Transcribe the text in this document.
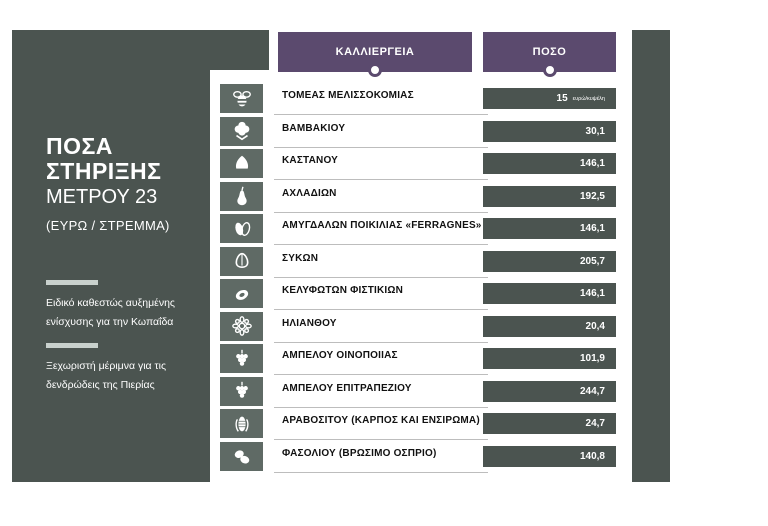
ΠΟΣΑ
ΣΤΗΡΙΞΗΣ
ΜΕΤΡΟΥ 23
(ΕΥΡΩ / ΣΤΡΕΜΜΑ)
Ειδικό καθεστώς αυξημένης ενίσχυσης για την Κωπαΐδα
Ξεχωριστή μέριμνα για τις δενδρώδεις της Πιερίας
ΚΑΛΛΙΕΡΓΕΙΑ	ΠΟΣΟ
ΤΟΜΕΑΣ ΜΕΛΙΣΣΟΚΟΜΙΑΣ	15 ευρώ/κυψέλη
ΒΑΜΒΑΚΙΟΥ	30,1
ΚΑΣΤΑΝΟΥ	146,1
ΑΧΛΑΔΙΩΝ	192,5
ΑΜΥΓΔΑΛΩΝ ΠΟΙΚΙΛΙΑΣ «FERRAGNES»	146,1
ΣΥΚΩΝ	205,7
ΚΕΛΥΦΩΤΩΝ ΦΙΣΤΙΚΙΩΝ	146,1
ΗΛΙΑΝΘΟΥ	20,4
ΑΜΠΕΛΟΥ ΟΙΝΟΠΟΙΙΑΣ	101,9
ΑΜΠΕΛΟΥ ΕΠΙΤΡΑΠΕΖΙΟΥ	244,7
ΑΡΑΒΟΣΙΤΟΥ (ΚΑΡΠΟΣ ΚΑΙ ΕΝΣΙΡΩΜΑ)	24,7
ΦΑΣΟΛΙΟΥ (ΒΡΩΣΙΜΟ ΟΣΠΡΙΟ)	140,8
